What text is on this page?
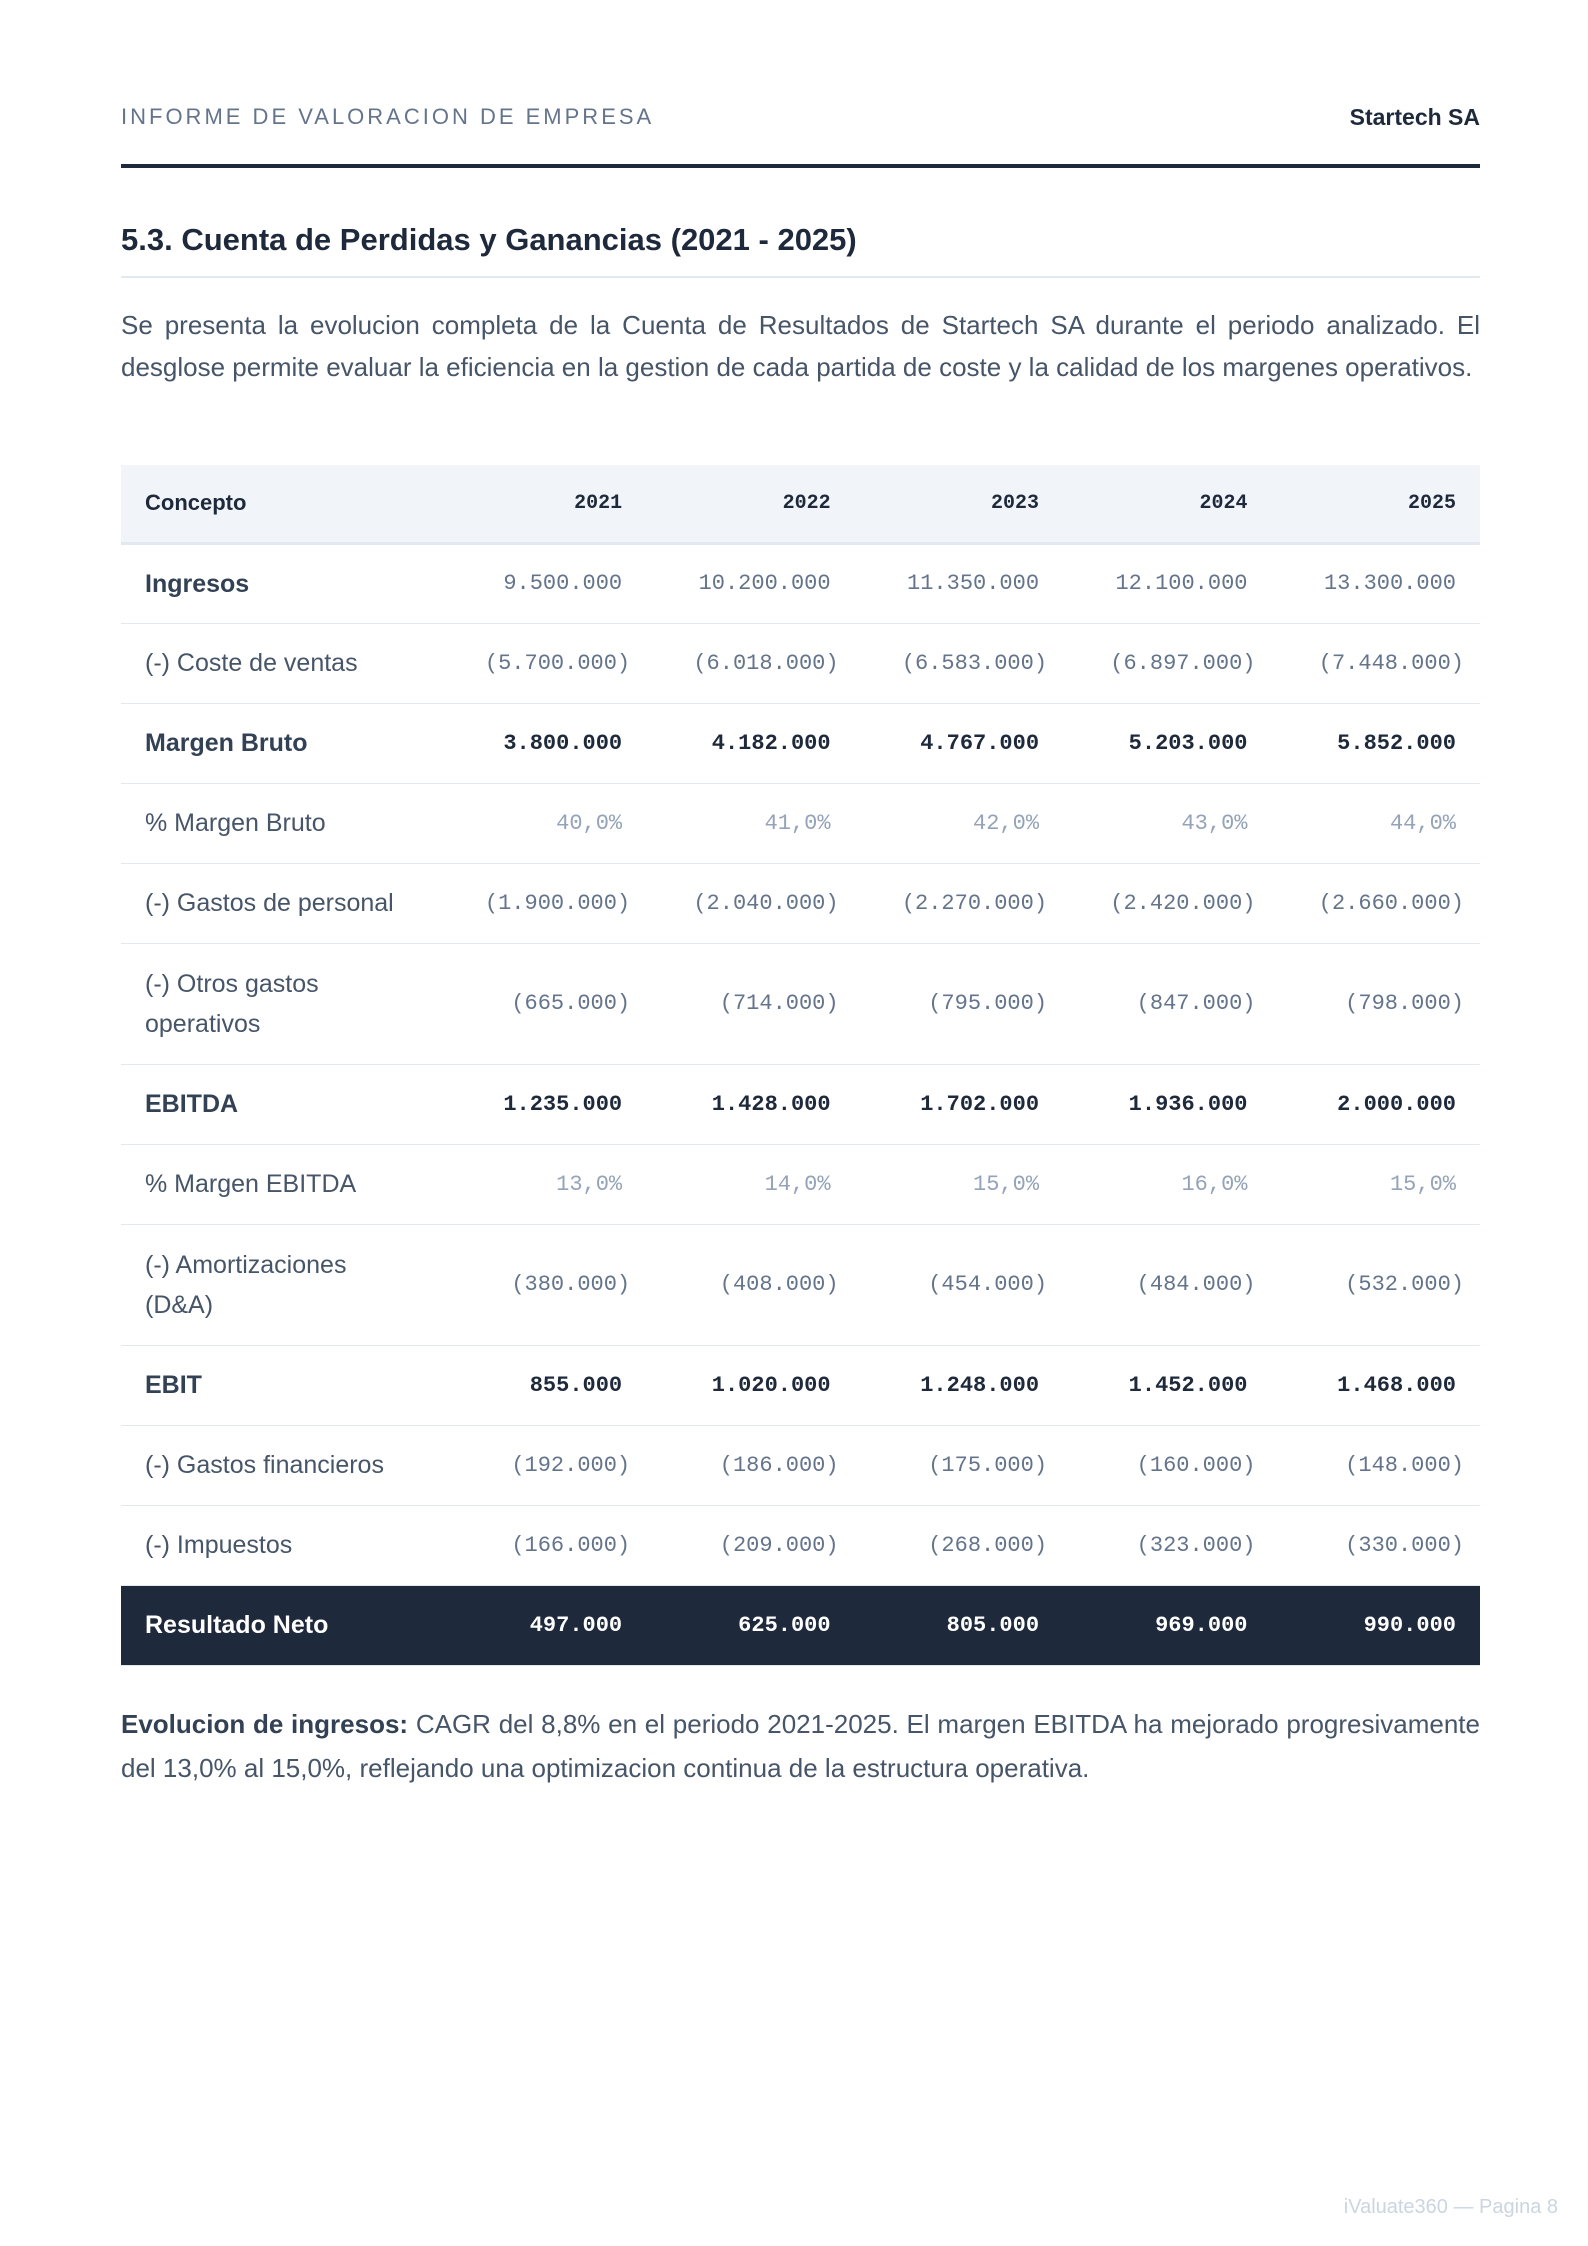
INFORME DE VALORACION DE EMPRESA	Startech SA
5.3. Cuenta de Perdidas y Ganancias (2021 - 2025)

Se presenta la evolucion completa de la Cuenta de Resultados de Startech SA durante el periodo analizado. El desglose permite evaluar la eficiencia en la gestion de cada partida de coste y la calidad de los margenes operativos.

Concepto	2021	2022	2023	2024	2025
Ingresos	9.500.000	10.200.000	11.350.000	12.100.000	13.300.000
(-) Coste de ventas	(5.700.000)	(6.018.000)	(6.583.000)	(6.897.000)	(7.448.000)
Margen Bruto	3.800.000	4.182.000	4.767.000	5.203.000	5.852.000
% Margen Bruto	40,0%	41,0%	42,0%	43,0%	44,0%
(-) Gastos de personal	(1.900.000)	(2.040.000)	(2.270.000)	(2.420.000)	(2.660.000)
(-) Otros gastos operativos	(665.000)	(714.000)	(795.000)	(847.000)	(798.000)
EBITDA	1.235.000	1.428.000	1.702.000	1.936.000	2.000.000
% Margen EBITDA	13,0%	14,0%	15,0%	16,0%	15,0%
(-) Amortizaciones (D&A)	(380.000)	(408.000)	(454.000)	(484.000)	(532.000)
EBIT	855.000	1.020.000	1.248.000	1.452.000	1.468.000
(-) Gastos financieros	(192.000)	(186.000)	(175.000)	(160.000)	(148.000)
(-) Impuestos	(166.000)	(209.000)	(268.000)	(323.000)	(330.000)
Resultado Neto	497.000	625.000	805.000	969.000	990.000

Evolucion de ingresos: CAGR del 8,8% en el periodo 2021-2025. El margen EBITDA ha mejorado progresivamente del 13,0% al 15,0%, reflejando una optimizacion continua de la estructura operativa.

iValuate360 — Pagina 8
